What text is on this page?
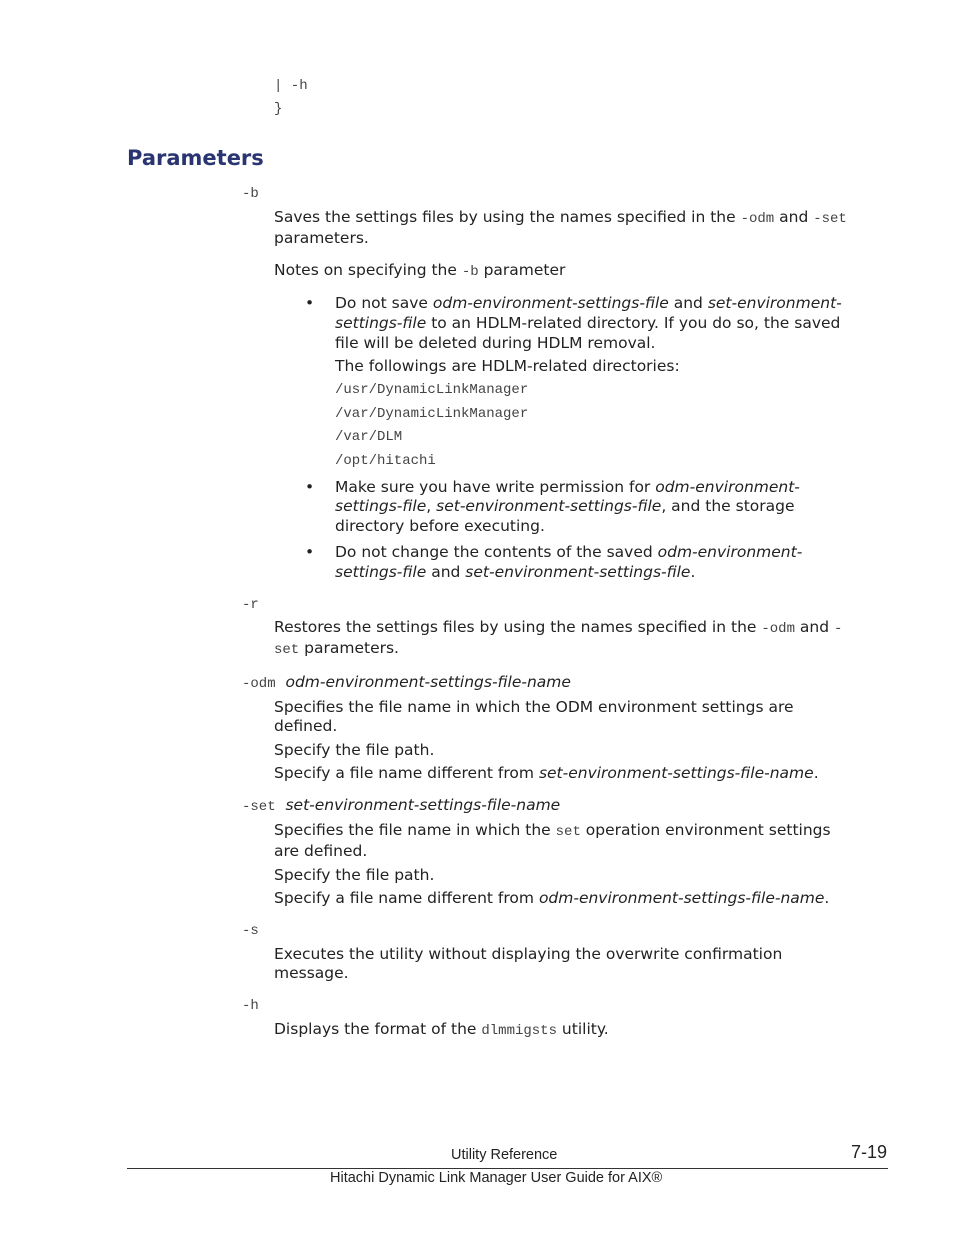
| -h
}
Parameters
-b
Saves the settings files by using the names specified in the -odm and -set
parameters.
Notes on specifying the -b parameter
• Do not save odm-environment-settings-file and set-environment-
settings-file to an HDLM-related directory. If you do so, the saved
file will be deleted during HDLM removal.
The followings are HDLM-related directories:
/usr/DynamicLinkManager
/var/DynamicLinkManager
/var/DLM
/opt/hitachi
• Make sure you have write permission for odm-environment-
settings-file, set-environment-settings-file, and the storage
directory before executing.
• Do not change the contents of the saved odm-environment-
settings-file and set-environment-settings-file.
-r
Restores the settings files by using the names specified in the -odm and -
set parameters.
-odm odm-environment-settings-file-name
Specifies the file name in which the ODM environment settings are
defined.
Specify the file path.
Specify a file name different from set-environment-settings-file-name.
-set set-environment-settings-file-name
Specifies the file name in which the set operation environment settings
are defined.
Specify the file path.
Specify a file name different from odm-environment-settings-file-name.
-s
Executes the utility without displaying the overwrite confirmation
message.
-h
Displays the format of the dlmmigsts utility.
Utility Reference	7-19
Hitachi Dynamic Link Manager User Guide for AIX®
